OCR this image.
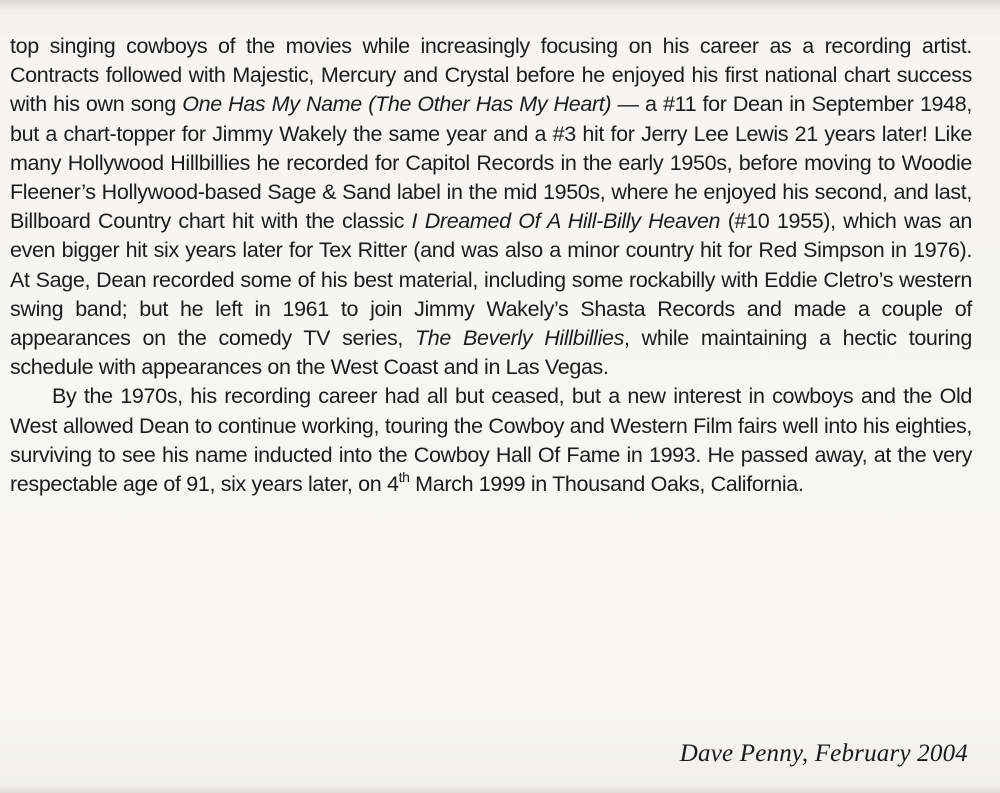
top singing cowboys of the movies while increasingly focusing on his career as a recording artist. Contracts followed with Majestic, Mercury and Crystal before he enjoyed his first national chart success with his own song One Has My Name (The Other Has My Heart) — a #11 for Dean in September 1948, but a chart-topper for Jimmy Wakely the same year and a #3 hit for Jerry Lee Lewis 21 years later! Like many Hollywood Hillbillies he recorded for Capitol Records in the early 1950s, before moving to Woodie Fleener’s Hollywood-based Sage & Sand label in the mid 1950s, where he enjoyed his second, and last, Billboard Country chart hit with the classic I Dreamed Of A Hill-Billy Heaven (#10 1955), which was an even bigger hit six years later for Tex Ritter (and was also a minor country hit for Red Simpson in 1976). At Sage, Dean recorded some of his best material, including some rockabilly with Eddie Cletro’s western swing band; but he left in 1961 to join Jimmy Wakely’s Shasta Records and made a couple of appearances on the comedy TV series, The Beverly Hillbillies, while maintaining a hectic touring schedule with appearances on the West Coast and in Las Vegas.

By the 1970s, his recording career had all but ceased, but a new interest in cowboys and the Old West allowed Dean to continue working, touring the Cowboy and Western Film fairs well into his eighties, surviving to see his name inducted into the Cowboy Hall Of Fame in 1993. He passed away, at the very respectable age of 91, six years later, on 4th March 1999 in Thousand Oaks, California.

Dave Penny, February 2004
